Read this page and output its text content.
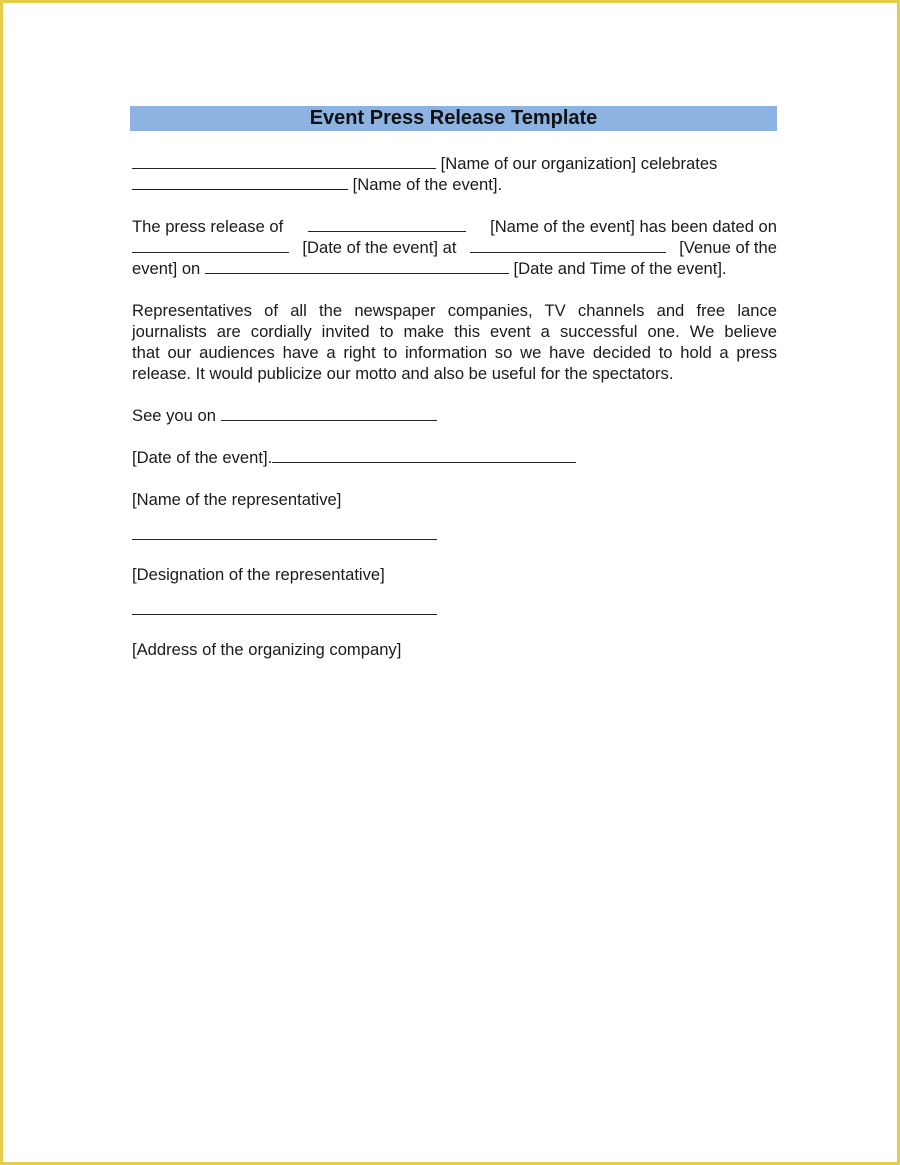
Event Press Release Template
[Name of our organization] celebrates
[Name of the event].
The press release of	[Name of the event] has been dated on
[Date of the event] at	[Venue of the
event] on	[Date and Time of the event].
Representatives of all the newspaper companies, TV channels and free lance
journalists are cordially invited to make this event a successful one. We believe
that our audiences have a right to information so we have decided to hold a press
release. It would publicize our motto and also be useful for the spectators.
See you on
[Date of the event].
[Name of the representative]
[Designation of the representative]
[Address of the organizing company]
